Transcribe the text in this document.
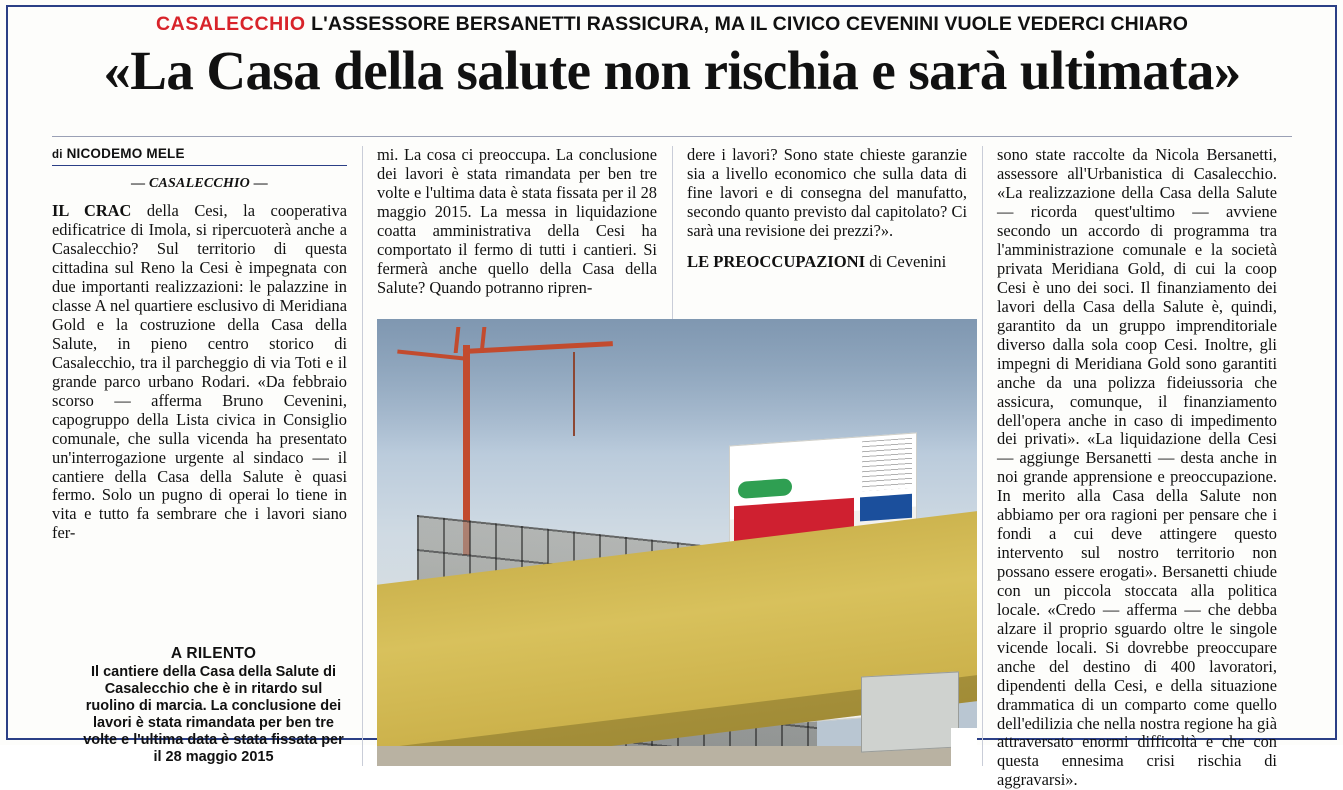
CASALECCHIO L'ASSESSORE BERSANETTI RASSICURA, MA IL CIVICO CEVENINI VUOLE VEDERCI CHIARO
«La Casa della salute non rischia e sarà ultimata»
di NICODEMO MELE
— CASALECCHIO —

IL CRAC della Cesi, la cooperativa edificatrice di Imola, si ripercuoterà anche a Casalecchio? Sul territorio di questa cittadina sul Reno la Cesi è impegnata con due importanti realizzazioni: le palazzine in classe A nel quartiere esclusivo di Meridiana Gold e la costruzione della Casa della Salute, in pieno centro storico di Casalecchio, tra il parcheggio di via Toti e il grande parco urbano Rodari. «Da febbraio scorso — afferma Bruno Cevenini, capogruppo della Lista civica in Consiglio comunale, che sulla vicenda ha presentato un'interrogazione urgente al sindaco — il cantiere della Casa della Salute è quasi fermo. Solo un pugno di operai lo tiene in vita e tutto fa sembrare che i lavori siano fer-

A RILENTO
Il cantiere della Casa della Salute di Casalecchio che è in ritardo sul ruolino di marcia. La conclusione dei lavori è stata rimandata per ben tre volte e l'ultima data è stata fissata per il 28 maggio 2015

mi. La cosa ci preoccupa. La conclusione dei lavori è stata rimandata per ben tre volte e l'ultima data è stata fissata per il 28 maggio 2015. La messa in liquidazione coatta amministrativa della Cesi ha comportato il fermo di tutti i cantieri. Si fermerà anche quello della Casa della Salute? Quando potranno ripren-

dere i lavori? Sono state chieste garanzie sia a livello economico che sulla data di fine lavori e di consegna del manufatto, secondo quanto previsto dal capitolato? Ci sarà una revisione dei prezzi?».

LE PREOCCUPAZIONI di Cevenini

sono state raccolte da Nicola Bersanetti, assessore all'Urbanistica di Casalecchio. «La realizzazione della Casa della Salute — ricorda quest'ultimo — avviene secondo un accordo di programma tra l'amministrazione comunale e la società privata Meridiana Gold, di cui la coop Cesi è uno dei soci. Il finanziamento dei lavori della Casa della Salute è, quindi, garantito da un gruppo imprenditoriale diverso dalla sola coop Cesi. Inoltre, gli impegni di Meridiana Gold sono garantiti anche da una polizza fideiussoria che assicura, comunque, il finanziamento dell'opera anche in caso di impedimento dei privati». «La liquidazione della Cesi — aggiunge Bersanetti — desta anche in noi grande apprensione e preoccupazione. In merito alla Casa della Salute non abbiamo per ora ragioni per pensare che i fondi a cui deve attingere questo intervento sul nostro territorio non possano essere erogati». Bersanetti chiude con un piccola stoccata alla politica locale. «Credo — afferma — che debba alzare il proprio sguardo oltre le singole vicende locali. Si dovrebbe preoccupare anche del destino di 400 lavoratori, dipendenti della Cesi, e della situazione drammatica di un comparto come quello dell'edilizia che nella nostra regione ha già attraversato enormi difficoltà e che con questa ennesima crisi rischia di aggravarsi».
